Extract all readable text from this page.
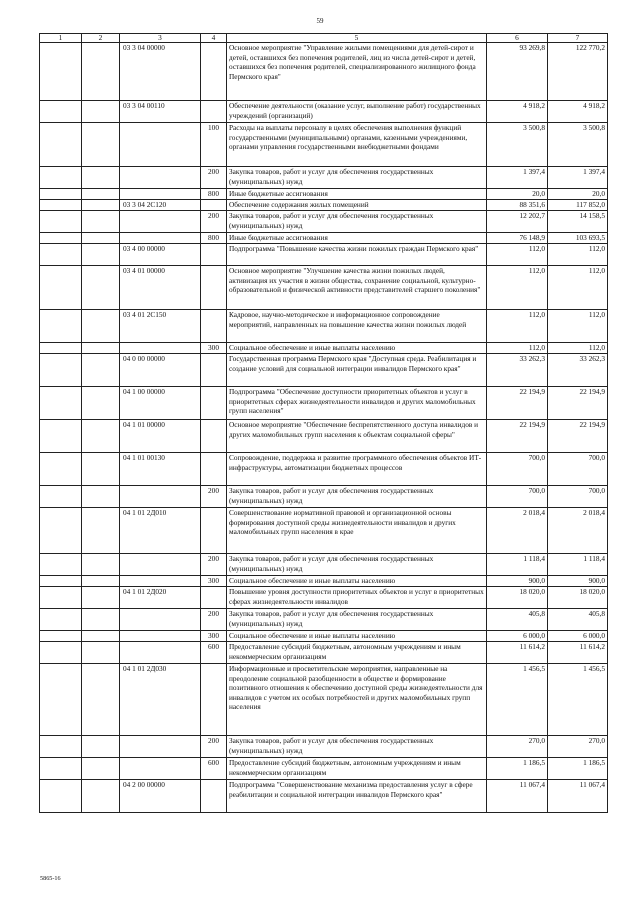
59
1	2	3	4	5	6	7
		03 3 04 00000		Основное мероприятие "Управление жилыми помещениями для детей-сирот и детей, оставшихся без попечения родителей, лиц из числа детей-сирот и детей, оставшихся без попечения родителей, специализированного жилищного фонда Пермского края"	93 269,8	122 770,2
		03 3 04 00110		Обеспечение деятельности (оказание услуг, выполнение работ) государственных учреждений (организаций)	4 918,2	4 918,2
			100	Расходы на выплаты персоналу в целях обеспечения выполнения функций государственными (муниципальными) органами, казенными учреждениями, органами управления государственными внебюджетными фондами	3 500,8	3 500,8
			200	Закупка товаров, работ и услуг для обеспечения государственных (муниципальных) нужд	1 397,4	1 397,4
			800	Иные бюджетные ассигнования	20,0	20,0
		03 3 04 2С120		Обеспечение содержания жилых помещений	88 351,6	117 852,0
			200	Закупка товаров, работ и услуг для обеспечения государственных (муниципальных) нужд	12 202,7	14 158,5
			800	Иные бюджетные ассигнования	76 148,9	103 693,5
		03 4 00 00000		Подпрограмма "Повышение качества жизни пожилых граждан Пермского края"	112,0	112,0
		03 4 01 00000		Основное мероприятие "Улучшение качества жизни пожилых людей, активизация их участия в жизни общества, сохранение социальной, культурно-образовательной и физической активности представителей старшего поколения"	112,0	112,0
		03 4 01 2С150		Кадровое, научно-методическое и информационное сопровождение мероприятий, направленных на повышение качества жизни пожилых людей	112,0	112,0
			300	Социальное обеспечение и иные выплаты населению	112,0	112,0
		04 0 00 00000		Государственная программа Пермского края "Доступная среда. Реабилитация и создание условий для социальной интеграции инвалидов Пермского края"	33 262,3	33 262,3
		04 1 00 00000		Подпрограмма "Обеспечение доступности приоритетных объектов и услуг в приоритетных сферах жизнедеятельности инвалидов и других маломобильных групп населения"	22 194,9	22 194,9
		04 1 01 00000		Основное мероприятие "Обеспечение беспрепятственного доступа инвалидов и других маломобильных групп населения к объектам социальной сферы"	22 194,9	22 194,9
		04 1 01 00130		Сопровождение, поддержка и развитие программного обеспечения объектов ИТ-инфраструктуры, автоматизации бюджетных процессов	700,0	700,0
			200	Закупка товаров, работ и услуг для обеспечения государственных (муниципальных) нужд	700,0	700,0
		04 1 01 2Д010		Совершенствование нормативной правовой и организационной основы формирования доступной среды жизнедеятельности инвалидов и других маломобильных групп населения в крае	2 018,4	2 018,4
			200	Закупка товаров, работ и услуг для обеспечения государственных (муниципальных) нужд	1 118,4	1 118,4
			300	Социальное обеспечение и иные выплаты населению	900,0	900,0
		04 1 01 2Д020		Повышение уровня доступности приоритетных объектов и услуг в приоритетных сферах жизнедеятельности инвалидов	18 020,0	18 020,0
			200	Закупка товаров, работ и услуг для обеспечения государственных (муниципальных) нужд	405,8	405,8
			300	Социальное обеспечение и иные выплаты населению	6 000,0	6 000,0
			600	Предоставление субсидий бюджетным, автономным учреждениям и иным некоммерческим организациям	11 614,2	11 614,2
		04 1 01 2Д030		Информационные и просветительские мероприятия, направленные на преодоление социальной разобщенности в обществе и формирование позитивного отношения к обеспечению доступной среды жизнедеятельности для инвалидов с учетом их особых потребностей и других маломобильных групп населения	1 456,5	1 456,5
			200	Закупка товаров, работ и услуг для обеспечения государственных (муниципальных) нужд	270,0	270,0
			600	Предоставление субсидий бюджетным, автономным учреждениям и иным некоммерческим организациям	1 186,5	1 186,5
		04 2 00 00000		Подпрограмма "Совершенствование механизма предоставления услуг в сфере реабилитации и социальной интеграции инвалидов Пермского края"	11 067,4	11 067,4
5865-16
